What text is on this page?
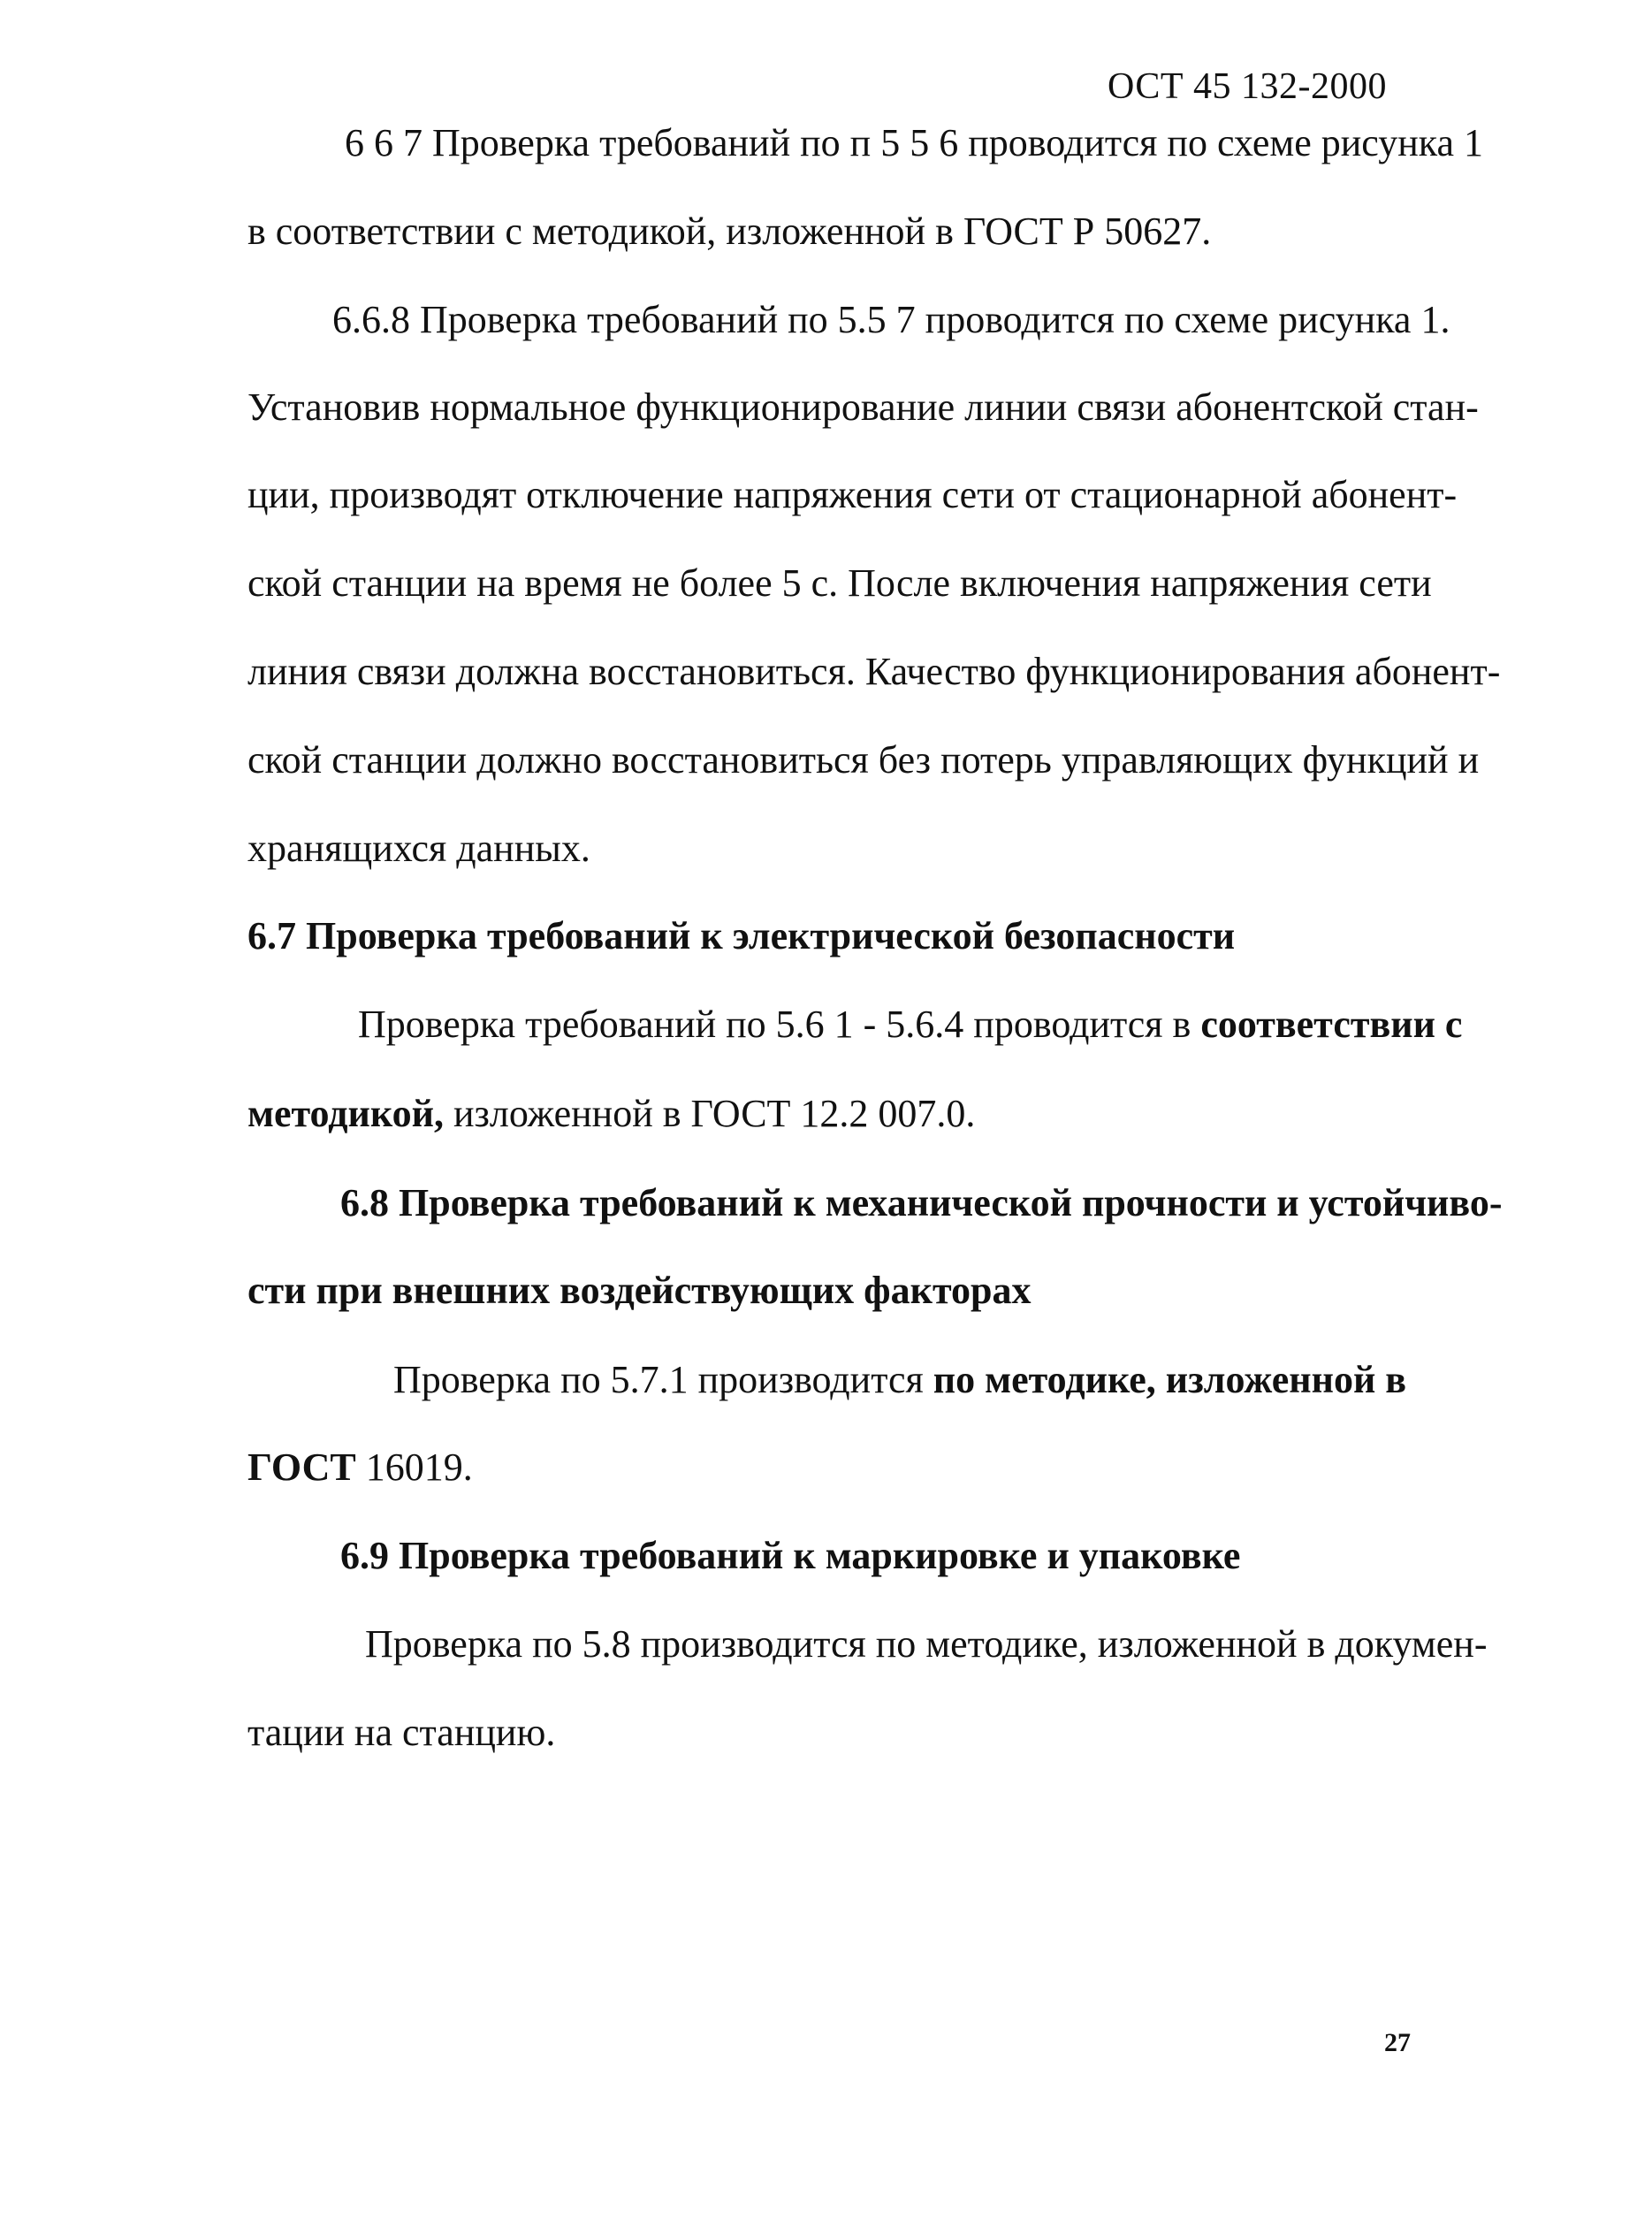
ОСТ 45 132-2000
6 6 7 Проверка требований по п 5 5 6 проводится по схеме рисунка 1
в соответствии с методикой, изложенной в ГОСТ Р 50627.
6.6.8 Проверка требований по 5.5 7 проводится по схеме рисунка 1.
Установив нормальное функционирование линии связи абонентской стан-
ции, производят отключение напряжения сети от стационарной абонент-
ской станции на время не более 5 с. После включения напряжения сети
линия связи должна восстановиться. Качество функционирования абонент-
ской станции должно восстановиться без потерь управляющих функций и
хранящихся данных.
6.7 Проверка требований к электрической безопасности
Проверка требований по 5.6 1 - 5.6.4 проводится в соответствии с
методикой, изложенной в ГОСТ 12.2 007.0.
6.8 Проверка требований к механической прочности и устойчиво-
сти при внешних воздействующих факторах
Проверка по 5.7.1 производится по методике, изложенной в
ГОСТ 16019.
6.9 Проверка требований к маркировке и упаковке
Проверка по 5.8 производится по методике, изложенной в докумен-
тации на станцию.
27
